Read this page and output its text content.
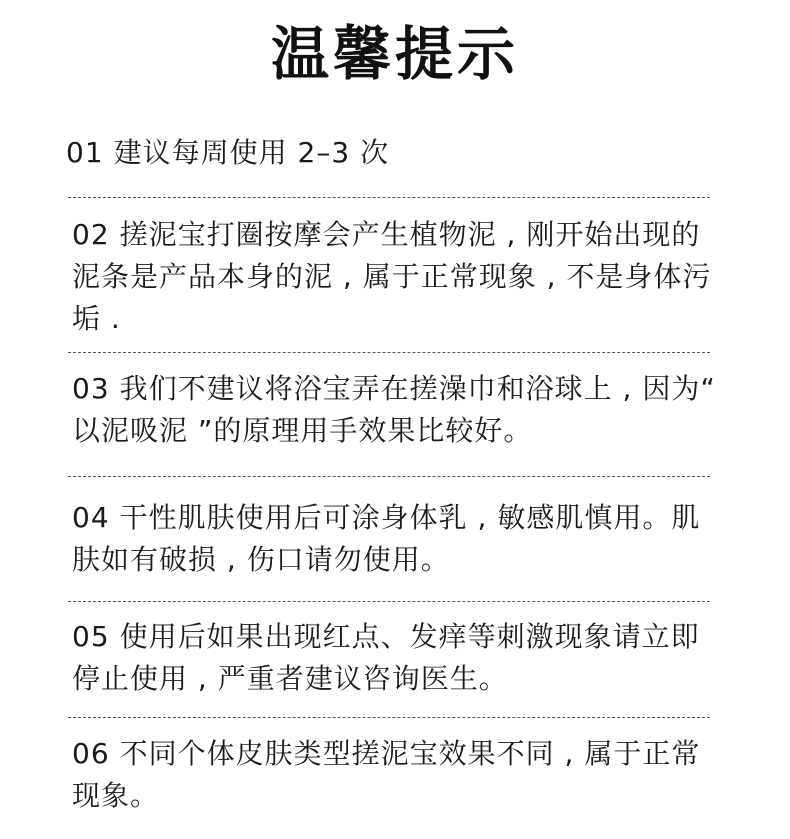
温馨提示
01 建议每周使用 2–3 次
02 搓泥宝打圈按摩会产生植物泥 , 刚开始出现的泥条是产品本身的泥 , 属于正常现象 , 不是身体污垢 .
03 我们不建议将浴宝弄在搓澡巾和浴球上 , 因为“ 以泥吸泥 ”的原理用手效果比较好。
04 干性肌肤使用后可涂身体乳 , 敏感肌慎用。肌肤如有破损 , 伤口请勿使用。
05 使用后如果出现红点、发痒等刺激现象请立即停止使用 , 严重者建议咨询医生。
06 不同个体皮肤类型搓泥宝效果不同 , 属于正常现象。
